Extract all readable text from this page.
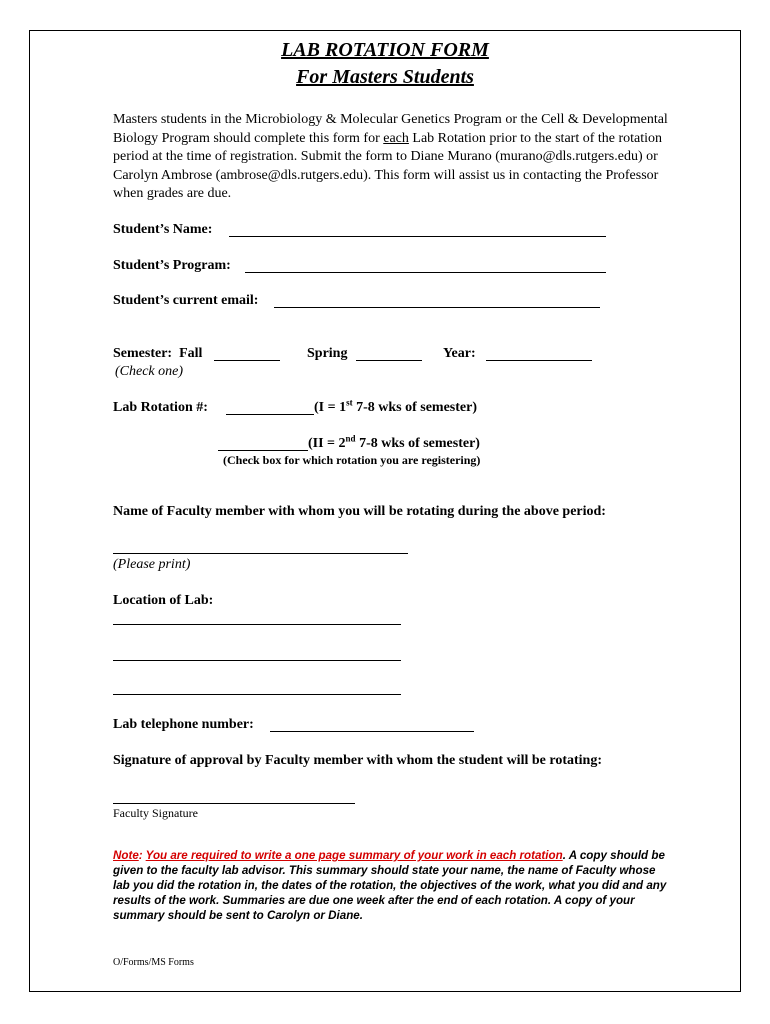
LAB ROTATION FORM
For Masters Students
Masters students in the Microbiology & Molecular Genetics Program or the Cell & Developmental Biology Program should complete this form for each Lab Rotation prior to the start of the rotation period at the time of registration. Submit the form to Diane Murano (murano@dls.rutgers.edu) or Carolyn Ambrose (ambrose@dls.rutgers.edu). This form will assist us in contacting the Professor when grades are due.
Student’s Name:
Student’s Program:
Student’s current email:
Semester:  Fall	Spring	Year:
(Check one)
Lab Rotation #:	(I = 1st 7-8 wks of semester)
(II = 2nd 7-8 wks of semester)
(Check box for which rotation you are registering)
Name of Faculty member with whom you will be rotating during the above period:
(Please print)
Location of Lab:
Lab telephone number:
Signature of approval by Faculty member with whom the student will be rotating:
Faculty Signature
Note: You are required to write a one page summary of your work in each rotation. A copy should be given to the faculty lab advisor. This summary should state your name, the name of Faculty whose lab you did the rotation in, the dates of the rotation, the objectives of the work, what you did and any results of the work. Summaries are due one week after the end of each rotation. A copy of your summary should be sent to Carolyn or Diane.
O/Forms/MS Forms
